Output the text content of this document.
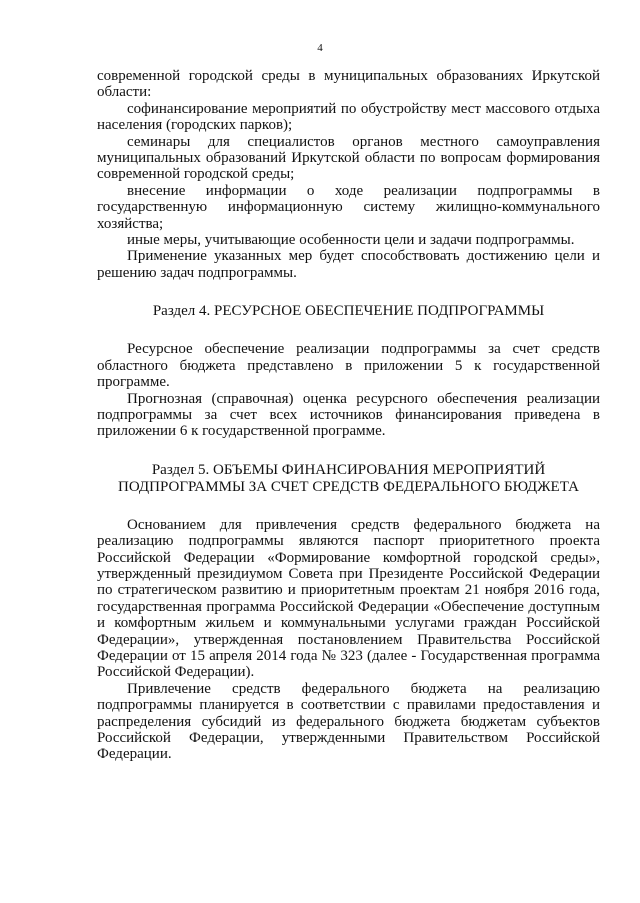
4

современной городской среды в муниципальных образованиях Иркутской области:

софинансирование мероприятий по обустройству мест массового отдыха населения (городских парков);

семинары для специалистов органов местного самоуправления муниципальных образований Иркутской области по вопросам формирования современной городской среды;

внесение информации о ходе реализации подпрограммы в государственную информационную систему жилищно-коммунального хозяйства;

иные меры, учитывающие особенности цели и задачи подпрограммы.

Применение указанных мер будет способствовать достижению цели и решению задач подпрограммы.

Раздел 4. РЕСУРСНОЕ ОБЕСПЕЧЕНИЕ ПОДПРОГРАММЫ

Ресурсное обеспечение реализации подпрограммы за счет средств областного бюджета представлено в приложении 5 к государственной программе.

Прогнозная (справочная) оценка ресурсного обеспечения реализации подпрограммы за счет всех источников финансирования приведена в приложении 6 к государственной программе.

Раздел 5. ОБЪЕМЫ ФИНАНСИРОВАНИЯ МЕРОПРИЯТИЙ
ПОДПРОГРАММЫ ЗА СЧЕТ СРЕДСТВ ФЕДЕРАЛЬНОГО БЮДЖЕТА

Основанием для привлечения средств федерального бюджета на реализацию подпрограммы являются паспорт приоритетного проекта Российской Федерации «Формирование комфортной городской среды», утвержденный президиумом Совета при Президенте Российской Федерации по стратегическом развитию и приоритетным проектам 21 ноября 2016 года, государственная программа Российской Федерации «Обеспечение доступным и комфортным жильем и коммунальными услугами граждан Российской Федерации», утвержденная постановлением Правительства Российской Федерации от 15 апреля 2014 года № 323 (далее - Государственная программа Российской Федерации).

Привлечение средств федерального бюджета на реализацию подпрограммы планируется в соответствии с правилами предоставления и распределения субсидий из федерального бюджета бюджетам субъектов Российской Федерации, утвержденными Правительством Российской Федерации.
